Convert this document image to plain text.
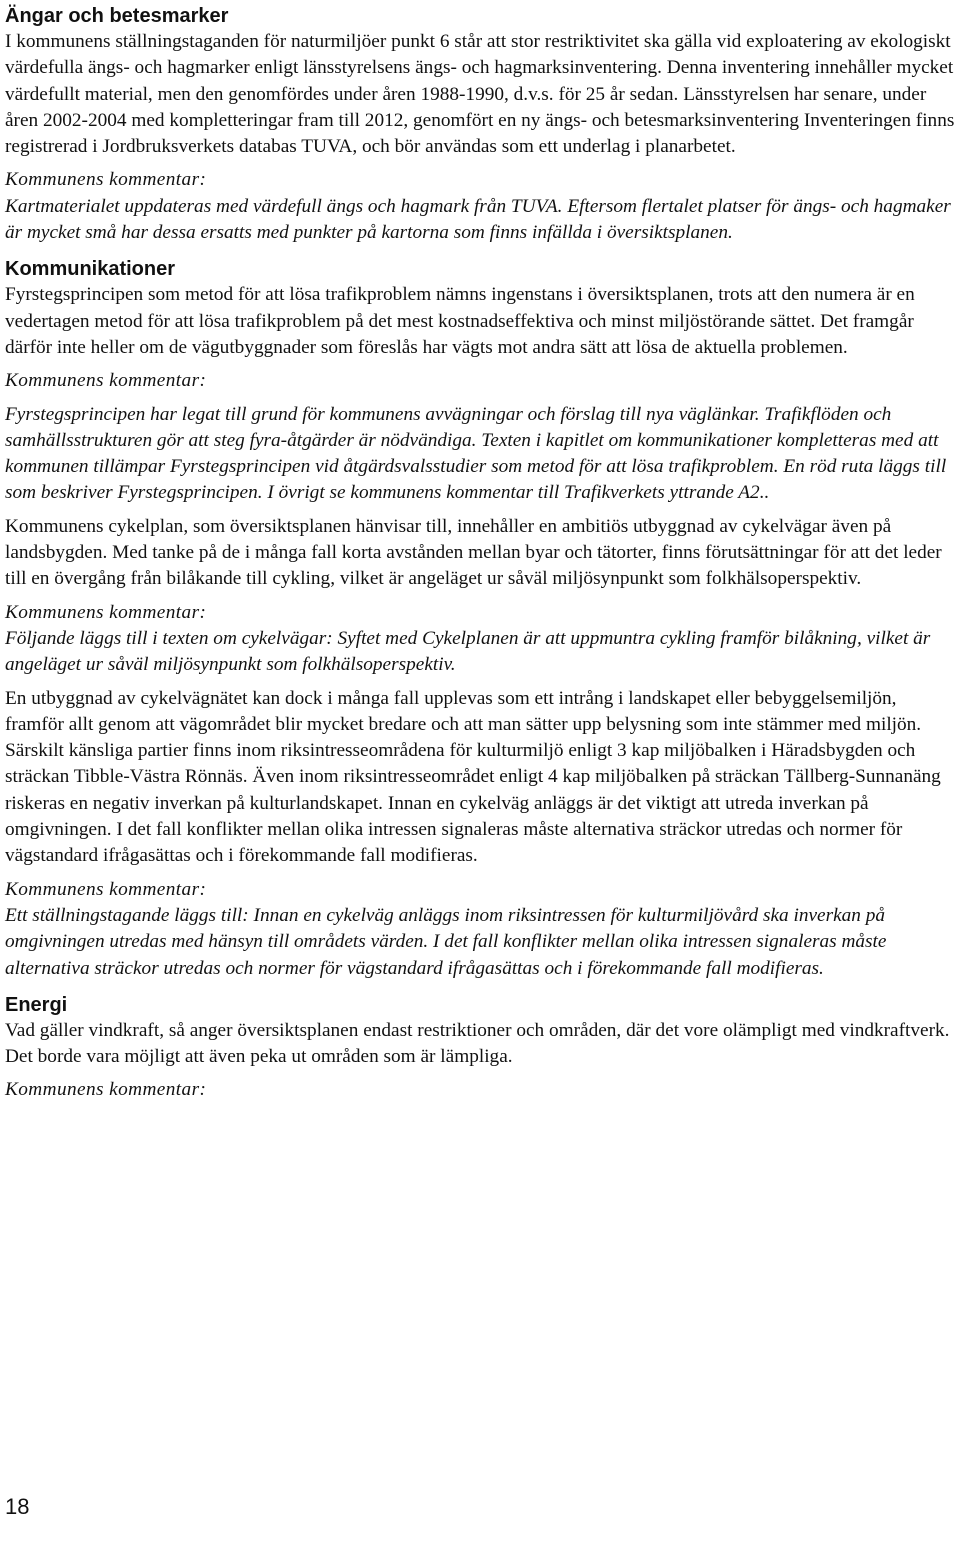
Ängar och betesmarker

I kommunens ställningstaganden för naturmiljöer punkt 6 står att stor restriktivitet ska gälla vid exploatering av ekologiskt värdefulla ängs- och hagmarker enligt länsstyrelsens ängs- och hagmarksinventering. Denna inventering innehåller mycket värdefullt material, men den genomfördes under åren 1988-1990, d.v.s. för 25 år sedan. Länsstyrelsen har senare, under åren 2002-2004 med kompletteringar fram till 2012, genomfört en ny ängs- och betesmarksinventering Inventeringen finns registrerad i Jordbruksverkets databas TUVA, och bör användas som ett underlag i planarbetet.

Kommunens kommentar:

Kartmaterialet uppdateras med värdefull ängs och hagmark från TUVA. Eftersom flertalet platser för ängs- och hagmaker är mycket små har dessa ersatts med punkter på kartorna som finns infällda i översiktsplanen.

Kommunikationer

Fyrstegsprincipen som metod för att lösa trafikproblem nämns ingenstans i översiktsplanen, trots att den numera är en vedertagen metod för att lösa trafikproblem på det mest kostnadseffektiva och minst miljöstörande sättet. Det framgår därför inte heller om de vägutbyggnader som föreslås har vägts mot andra sätt att lösa de aktuella problemen.

Kommunens kommentar:

Fyrstegsprincipen har legat till grund för kommunens avvägningar och förslag till nya väglänkar. Trafikflöden och samhällsstrukturen gör att steg fyra-åtgärder är nödvändiga. Texten i kapitlet om kommunikationer kompletteras med att kommunen tillämpar Fyrstegsprincipen vid åtgärdsvalsstudier som metod för att lösa trafikproblem. En röd ruta läggs till som beskriver Fyrstegsprincipen. I övrigt se kommunens kommentar till Trafikverkets yttrande A2..

Kommunens cykelplan, som översiktsplanen hänvisar till, innehåller en ambitiös utbyggnad av cykelvägar även på landsbygden. Med tanke på de i många fall korta avstånden mellan byar och tätorter, finns förutsättningar för att det leder till en övergång från bilåkande till cykling, vilket är angeläget ur såväl miljösynpunkt som folkhälsoperspektiv.

Kommunens kommentar:

Följande läggs till i texten om cykelvägar: Syftet med Cykelplanen är att uppmuntra cykling framför bilåkning, vilket är angeläget ur såväl miljösynpunkt som folkhälsoperspektiv.

En utbyggnad av cykelvägnätet kan dock i många fall upplevas som ett intrång i landskapet eller bebyggelsemiljön, framför allt genom att vägområdet blir mycket bredare och att man sätter upp belysning som inte stämmer med miljön. Särskilt känsliga partier finns inom riksintresseområdena för kulturmiljö enligt 3 kap miljöbalken i Häradsbygden och sträckan Tibble-Västra Rönnäs. Även inom riksintresseområdet enligt 4 kap miljöbalken på sträckan Tällberg-Sunnanäng riskeras en negativ inverkan på kulturlandskapet. Innan en cykelväg anläggs är det viktigt att utreda inverkan på omgivningen. I det fall konflikter mellan olika intressen signaleras måste alternativa sträckor utredas och normer för vägstandard ifrågasättas och i förekommande fall modifieras.

Kommunens kommentar:

Ett ställningstagande läggs till: Innan en cykelväg anläggs inom riksintressen för kulturmiljövård ska inverkan på omgivningen utredas med hänsyn till områdets värden. I det fall konflikter mellan olika intressen signaleras måste alternativa sträckor utredas och normer för vägstandard ifrågasättas och i förekommande fall modifieras.

Energi

Vad gäller vindkraft, så anger översiktsplanen endast restriktioner och områden, där det vore olämpligt med vindkraftverk. Det borde vara möjligt att även peka ut områden som är lämpliga.

Kommunens kommentar:

18
